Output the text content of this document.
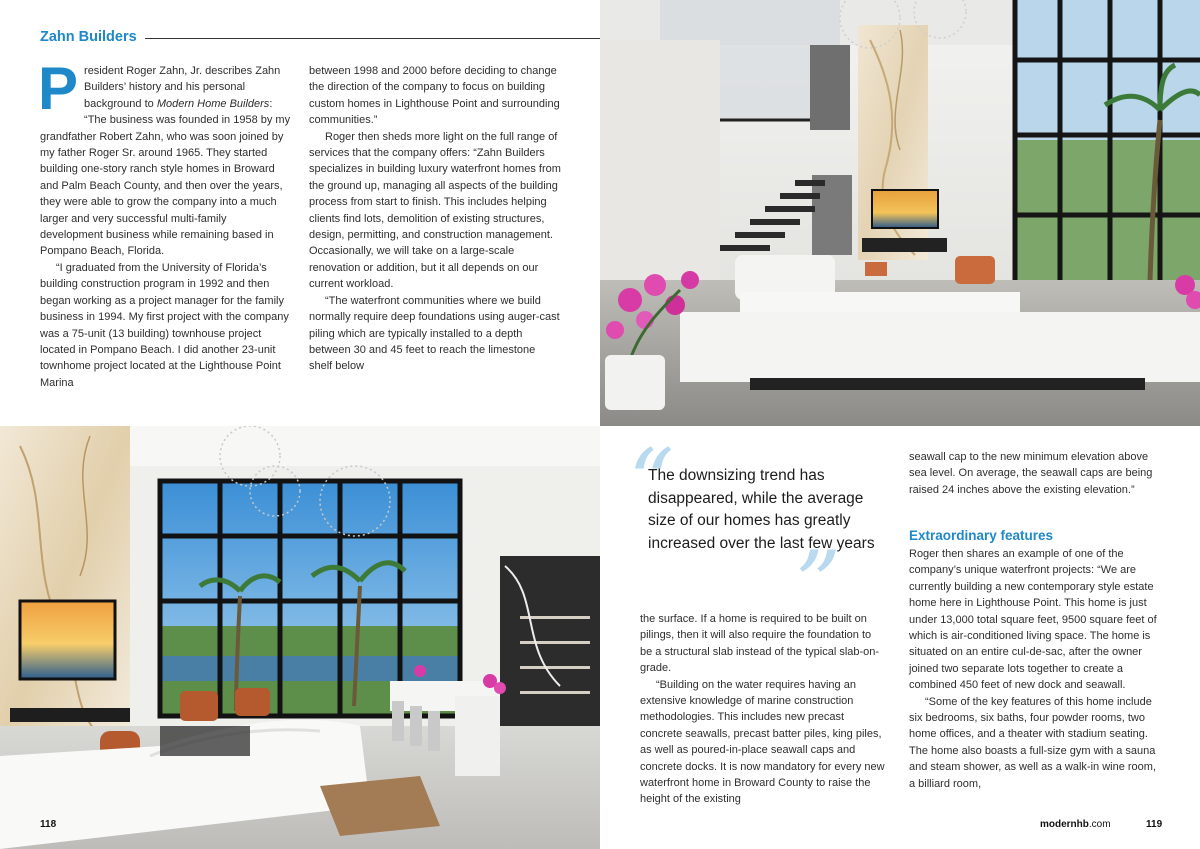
Zahn Builders

President Roger Zahn, Jr. describes Zahn Builders’ history and his personal background to Modern Home Builders: “The business was founded in 1958 by my grandfather Robert Zahn, who was soon joined by my father Roger Sr. around 1965. They started building one-story ranch style homes in Broward and Palm Beach County, and then over the years, they were able to grow the company into a much larger and very successful multi-family development business while remaining based in Pompano Beach, Florida.

“I graduated from the University of Florida’s building construction program in 1992 and then began working as a project manager for the family business in 1994. My first project with the company was a 75-unit (13 building) townhouse project located in Pompano Beach. I did another 23-unit townhome project located at the Lighthouse Point Marina

between 1998 and 2000 before deciding to change the direction of the company to focus on building custom homes in Lighthouse Point and surrounding communities.”

Roger then sheds more light on the full range of services that the company offers: “Zahn Builders specializes in building luxury waterfront homes from the ground up, managing all aspects of the building process from start to finish. This includes helping clients find lots, demolition of existing structures, design, permitting, and construction management. Occasionally, we will take on a large-scale renovation or addition, but it all depends on our current workload.

“The waterfront communities where we build normally require deep foundations using auger-cast piling which are typically installed to a depth between 30 and 45 feet to reach the limestone shelf below

“
The downsizing trend has disappeared, while the average size of our homes has greatly increased over the last few years
”

the surface. If a home is required to be built on pilings, then it will also require the foundation to be a structural slab instead of the typical slab-on-grade.

“Building on the water requires having an extensive knowledge of marine construction methodologies. This includes new precast concrete seawalls, precast batter piles, king piles, as well as poured-in-place seawall caps and concrete docks. It is now mandatory for every new waterfront home in Broward County to raise the height of the existing

seawall cap to the new minimum elevation above sea level. On average, the seawall caps are being raised 24 inches above the existing elevation.”

Extraordinary features

Roger then shares an example of one of the company’s unique waterfront projects: “We are currently building a new contemporary style estate home here in Lighthouse Point. This home is just under 13,000 total square feet, 9500 square feet of which is air-conditioned living space. The home is situated on an entire cul-de-sac, after the owner joined two separate lots together to create a combined 450 feet of new dock and seawall.

“Some of the key features of this home include six bedrooms, six baths, four powder rooms, two home offices, and a theater with stadium seating. The home also boasts a full-size gym with a sauna and steam shower, as well as a walk-in wine room, a billiard room,

118	modernhb.com	119
